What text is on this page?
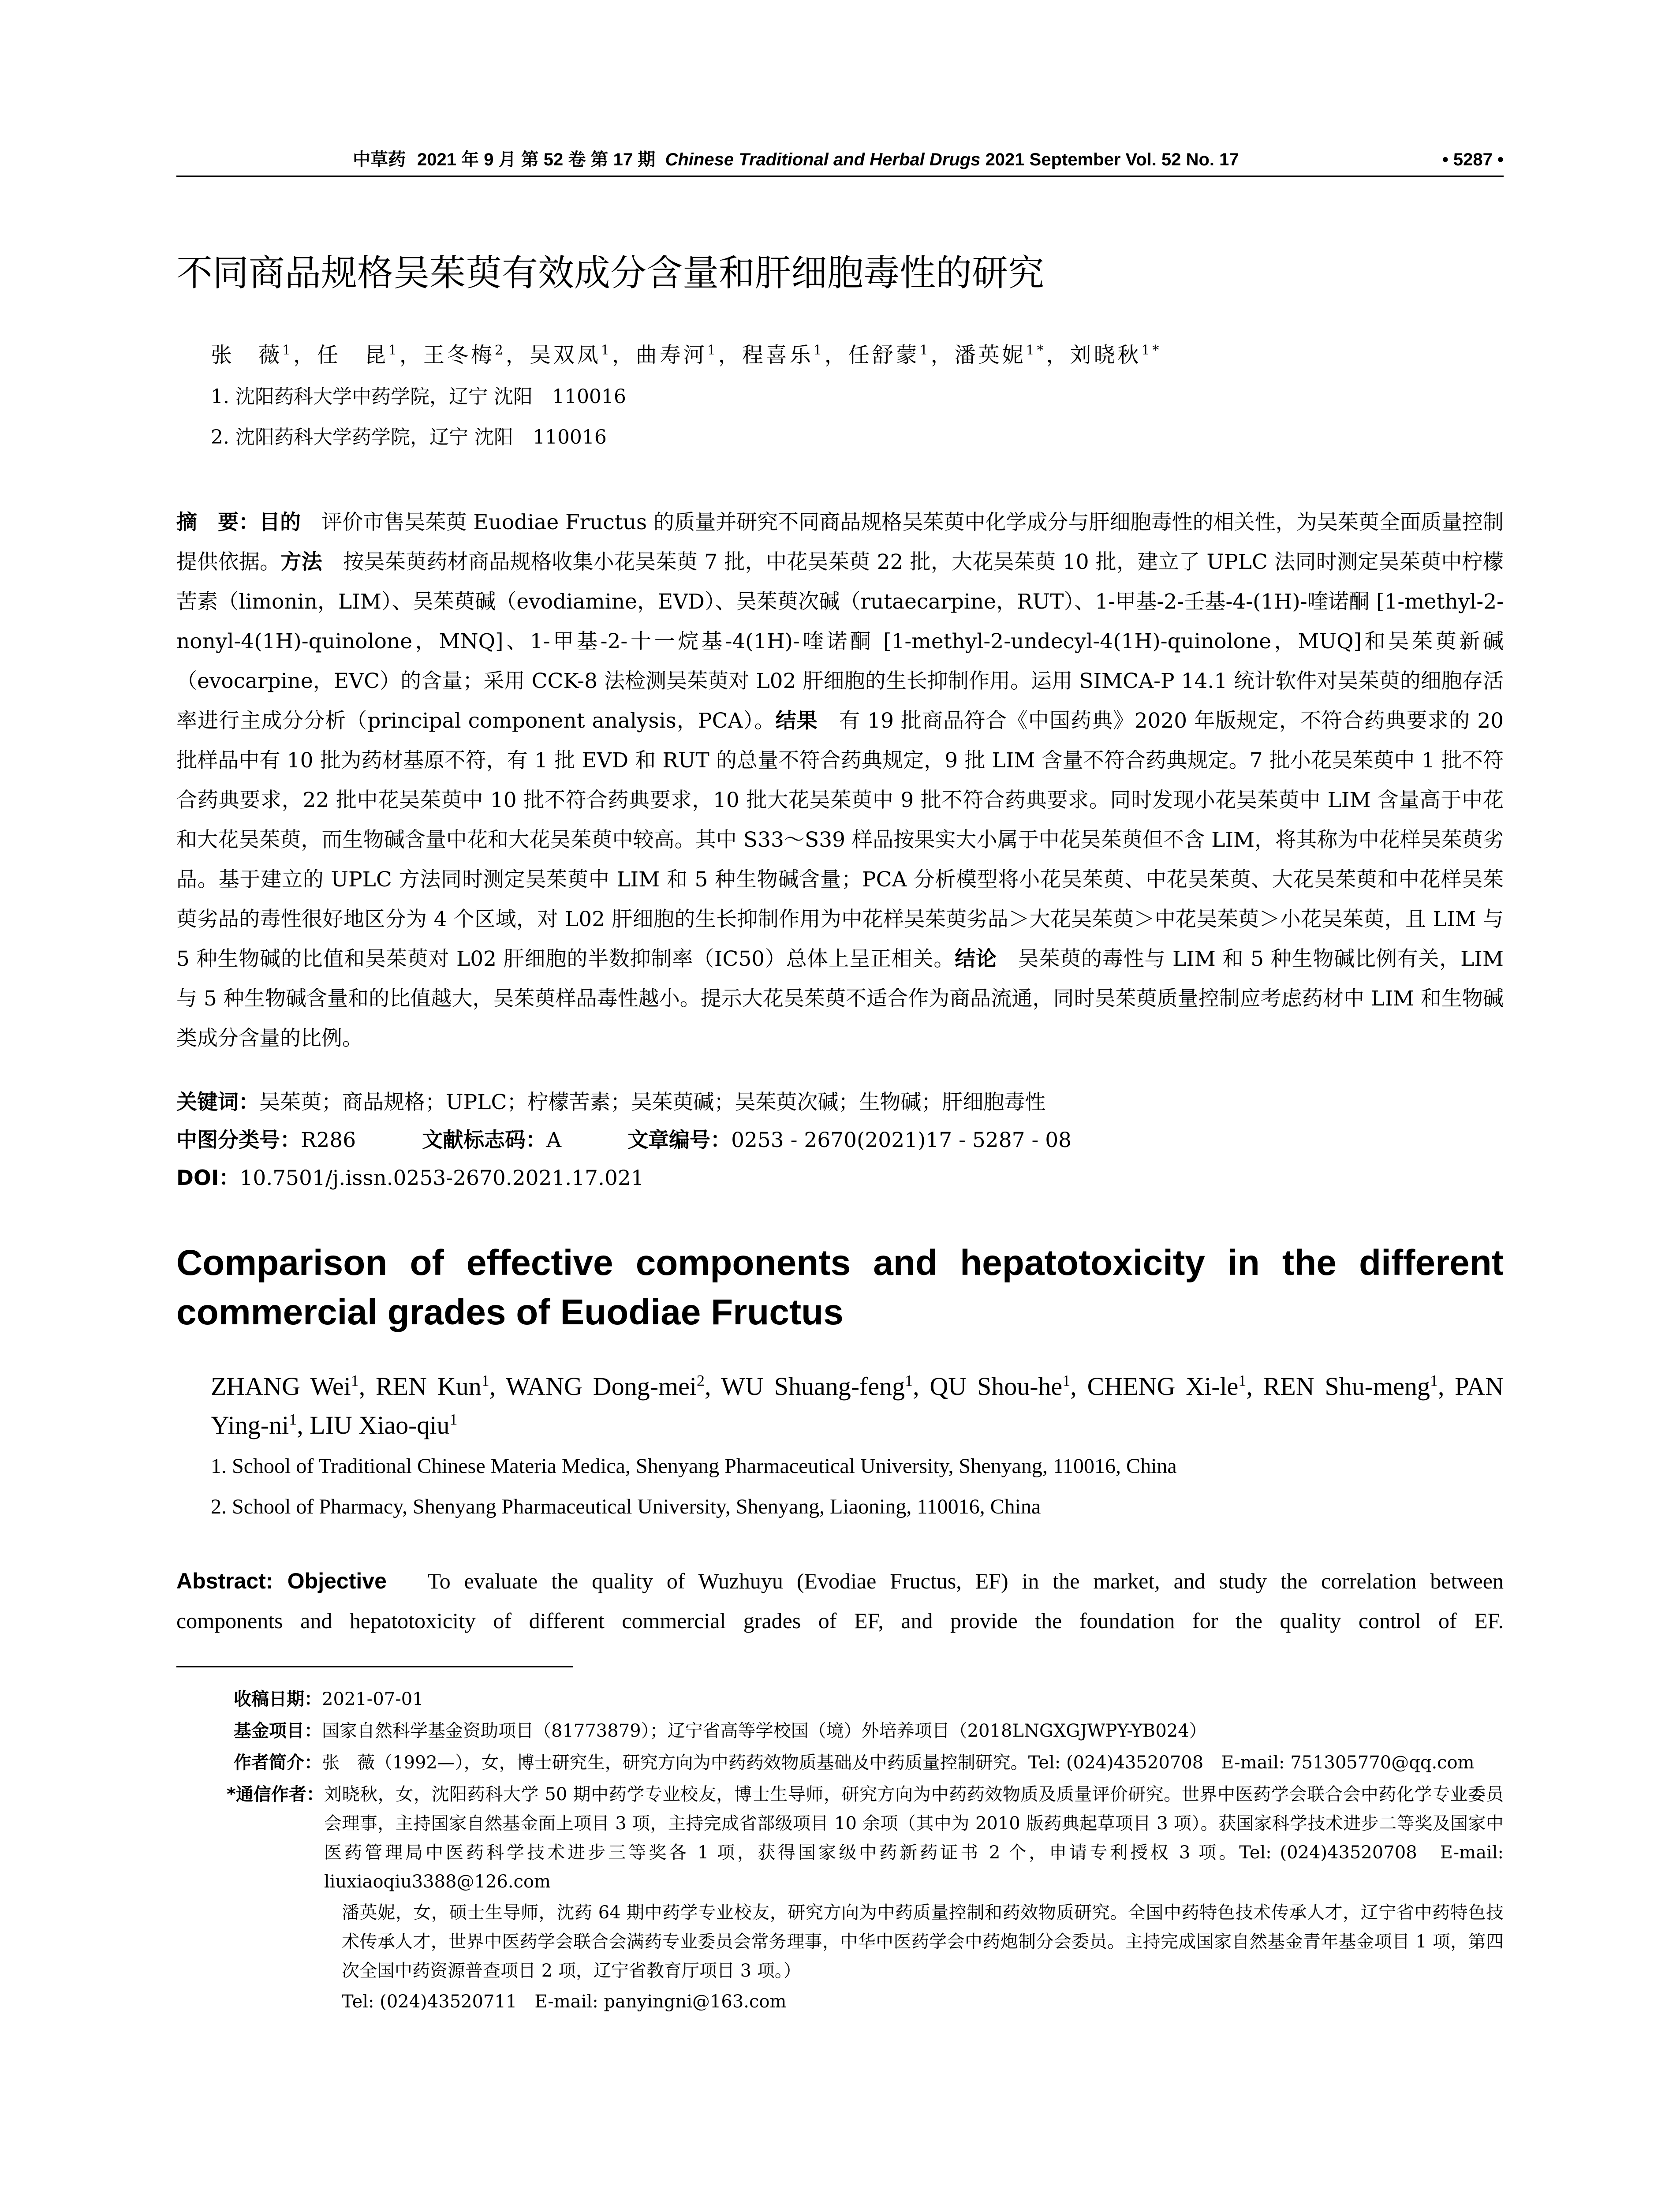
中草药 2021 年 9 月 第 52 卷 第 17 期 Chinese Traditional and Herbal Drugs 2021 September Vol. 52 No. 17	• 5287 •
不同商品规格吴茱萸有效成分含量和肝细胞毒性的研究
张　薇$^1$，任　昆$^1$，王冬梅$^2$，吴双凤$^1$，曲寿河$^1$，程喜乐$^1$，任舒蒙$^1$，潘英妮$^{1*}$，刘晓秋$^{1*}$
1. 沈阳药科大学中药学院，辽宁 沈阳　110016
2. 沈阳药科大学药学院，辽宁 沈阳　110016
摘　要：目的　评价市售吴茱萸 Euodiae Fructus 的质量并研究不同商品规格吴茱萸中化学成分与肝细胞毒性的相关性，为吴茱萸全面质量控制提供依据。方法　按吴茱萸药材商品规格收集小花吴茱萸 7 批，中花吴茱萸 22 批，大花吴茱萸 10 批，建立了 UPLC 法同时测定吴茱萸中柠檬苦素（limonin，LIM）、吴茱萸碱（evodiamine，EVD）、吴茱萸次碱（rutaecarpine，RUT）、1-甲基-2-壬基-4-(1H)-喹诺酮 [1-methyl-2-nonyl-4(1H)-quinolone，MNQ]、1-甲基-2-十一烷基-4(1H)-喹诺酮 [1-methyl-2-undecyl-4(1H)-quinolone，MUQ]和吴茱萸新碱（evocarpine，EVC）的含量；采用 CCK-8 法检测吴茱萸对 L02 肝细胞的生长抑制作用。运用 SIMCA-P 14.1 统计软件对吴茱萸的细胞存活率进行主成分分析（principal component analysis，PCA）。结果　有 19 批商品符合《中国药典》2020 年版规定，不符合药典要求的 20 批样品中有 10 批为药材基原不符，有 1 批 EVD 和 RUT 的总量不符合药典规定，9 批 LIM 含量不符合药典规定。7 批小花吴茱萸中 1 批不符合药典要求，22 批中花吴茱萸中 10 批不符合药典要求，10 批大花吴茱萸中 9 批不符合药典要求。同时发现小花吴茱萸中 LIM 含量高于中花和大花吴茱萸，而生物碱含量中花和大花吴茱萸中较高。其中 S33～S39 样品按果实大小属于中花吴茱萸但不含 LIM，将其称为中花样吴茱萸劣品。基于建立的 UPLC 方法同时测定吴茱萸中 LIM 和 5 种生物碱含量；PCA 分析模型将小花吴茱萸、中花吴茱萸、大花吴茱萸和中花样吴茱萸劣品的毒性很好地区分为 4 个区域，对 L02 肝细胞的生长抑制作用为中花样吴茱萸劣品＞大花吴茱萸＞中花吴茱萸＞小花吴茱萸，且 LIM 与 5 种生物碱的比值和吴茱萸对 L02 肝细胞的半数抑制率（IC50）总体上呈正相关。结论　吴茱萸的毒性与 LIM 和 5 种生物碱比例有关，LIM 与 5 种生物碱含量和的比值越大，吴茱萸样品毒性越小。提示大花吴茱萸不适合作为商品流通，同时吴茱萸质量控制应考虑药材中 LIM 和生物碱类成分含量的比例。
关键词：吴茱萸；商品规格；UPLC；柠檬苦素；吴茱萸碱；吴茱萸次碱；生物碱；肝细胞毒性
中图分类号：R286	文献标志码：A	文章编号：0253 - 2670(2021)17 - 5287 - 08
DOI：10.7501/j.issn.0253-2670.2021.17.021
Comparison of effective components and hepatotoxicity in the different commercial grades of Euodiae Fructus
ZHANG Wei$^1$, REN Kun$^1$, WANG Dong-mei$^2$, WU Shuang-feng$^1$, QU Shou-$he^1$, CHENG $Xi-le^1$, REN Shu-meng$^1$, PAN Ying-$ni^1$, LIU Xiao-qiu$^1$
1. School of Traditional Chinese Materia Medica, Shenyang Pharmaceutical University, Shenyang, 110016, China
2. School of Pharmacy, Shenyang Pharmaceutical University, Shenyang, Liaoning, 110016, China
Abstract: Objective To evaluate the quality of Wuzhuyu (Evodiae Fructus, EF) in the market, and study the correlation between
components and hepatotoxicity of different commercial grades of EF, and provide the foundation for the quality control of EF.
收稿日期：2021-07-01
基金项目：国家自然科学基金资助项目（81773879）；辽宁省高等学校国（境）外培养项目（2018LNGXGJWPY-YB024）
作者简介： 张　薇（1992—），女，博士研究生，研究方向为中药药效物质基础及中药质量控制研究。Tel: (024)43520708　E-mail: 751305770@qq.com
*通信作者： 刘晓秋，女，沈阳药科大学 50 期中药学专业校友，博士生导师，研究方向为中药药效物质及质量评价研究。世界中医药学会联合会中药化学专业委员会理事，主持国家自然基金面上项目 3 项，主持完成省部级项目 10 余项（其中为 2010 版药典起草项目 3 项）。获国家科学技术进步二等奖及国家中医药管理局中医药科学技术进步三等奖各 1 项，获得国家级中药新药证书 2 个，申请专利授权 3 项。Tel: (024)43520708　E-mail: liuxiaoqiu3388@126.com
潘英妮，女，硕士生导师，沈药 64 期中药学专业校友，研究方向为中药质量控制和药效物质研究。全国中药特色技术传承人才，辽宁省中药特色技术传承人才，世界中医药学会联合会满药专业委员会常务理事，中华中医药学会中药炮制分会委员。主持完成国家自然基金青年基金项目 1 项，第四次全国中药资源普查项目 2 项，辽宁省教育厅项目 3 项。）
Tel: (024)43520711　E-mail: panyingni@163.com
